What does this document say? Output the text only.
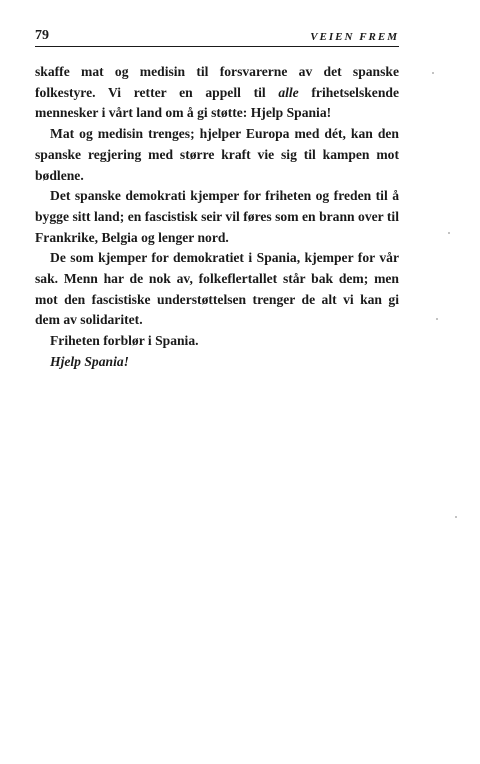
79	VEIEN FREM

skaffe mat og medisin til forsvarerne av det spanske folkestyre. Vi retter en appell til alle frihetselskende mennesker i vårt land om å gi støtte: Hjelp Spania!

Mat og medisin trenges; hjelper Europa med dét, kan den spanske regjering med større kraft vie sig til kampen mot bødlene.

Det spanske demokrati kjemper for friheten og freden til å bygge sitt land; en fascistisk seir vil føres som en brann over til Frankrike, Belgia og lenger nord.

De som kjemper for demokratiet i Spania, kjemper for vår sak. Menn har de nok av, folkeflertallet står bak dem; men mot den fascistiske understøttelsen trenger de alt vi kan gi dem av solidaritet.

Friheten forblør i Spania.

Hjelp Spania!
